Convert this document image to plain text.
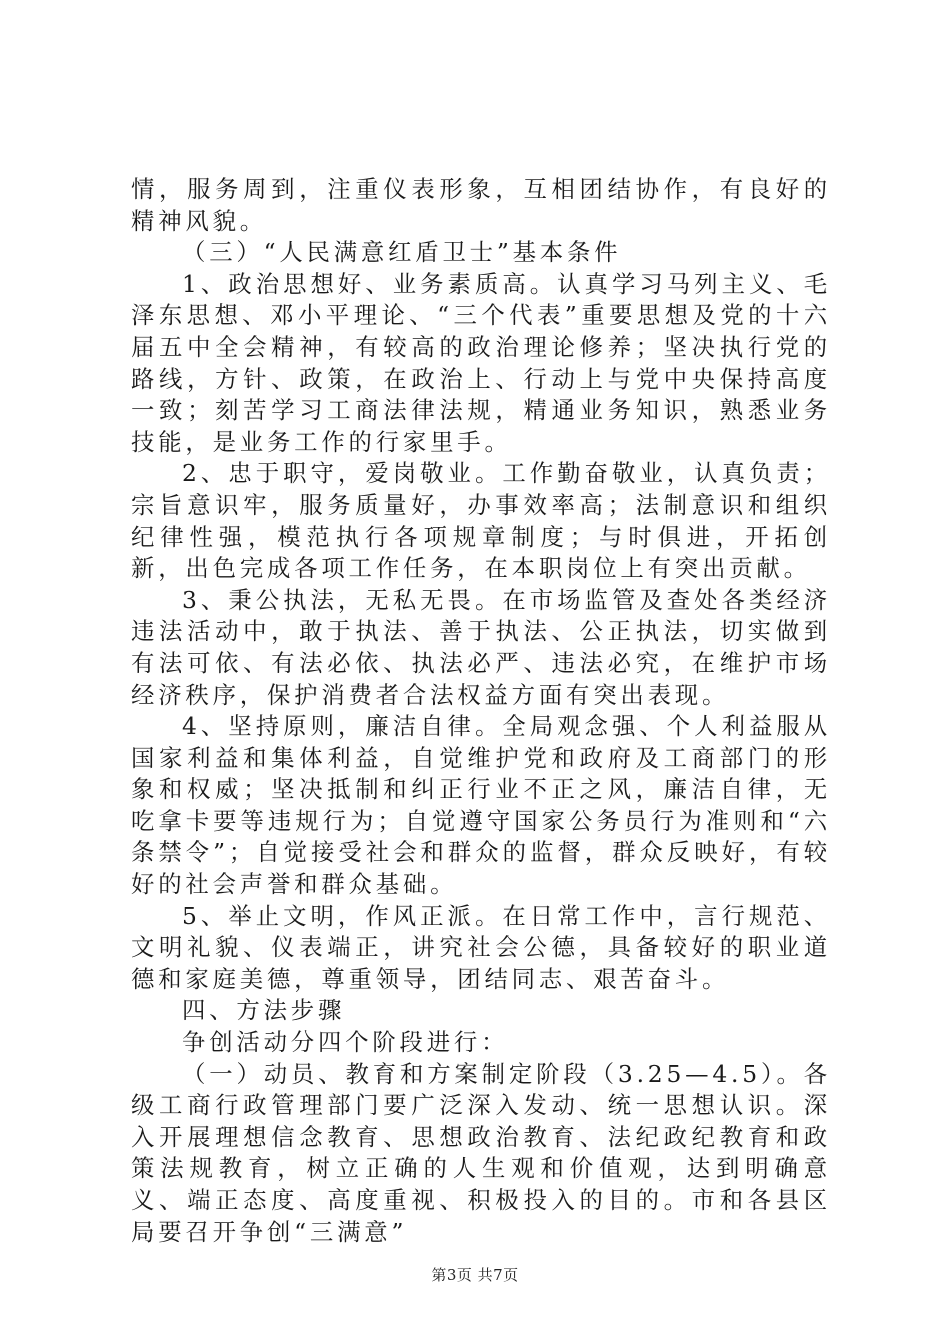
情，服务周到，注重仪表形象，互相团结协作，有良好的精神风貌。

（三）“人民满意红盾卫士”基本条件

1、政治思想好、业务素质高。认真学习马列主义、毛泽东思想、邓小平理论、“三个代表”重要思想及党的十六届五中全会精神，有较高的政治理论修养；坚决执行党的路线，方针、政策，在政治上、行动上与党中央保持高度一致；刻苦学习工商法律法规，精通业务知识，熟悉业务技能，是业务工作的行家里手。

2、忠于职守，爱岗敬业。工作勤奋敬业，认真负责；宗旨意识牢，服务质量好，办事效率高；法制意识和组织纪律性强，模范执行各项规章制度；与时俱进，开拓创新，出色完成各项工作任务，在本职岗位上有突出贡献。

3、秉公执法，无私无畏。在市场监管及查处各类经济违法活动中，敢于执法、善于执法、公正执法，切实做到有法可依、有法必依、执法必严、违法必究，在维护市场经济秩序，保护消费者合法权益方面有突出表现。

4、坚持原则，廉洁自律。全局观念强、个人利益服从国家利益和集体利益，自觉维护党和政府及工商部门的形象和权威；坚决抵制和纠正行业不正之风，廉洁自律，无吃拿卡要等违规行为；自觉遵守国家公务员行为准则和“六条禁令”；自觉接受社会和群众的监督，群众反映好，有较好的社会声誉和群众基础。

5、举止文明，作风正派。在日常工作中，言行规范、文明礼貌、仪表端正，讲究社会公德，具备较好的职业道德和家庭美德，尊重领导，团结同志、艰苦奋斗。

四、方法步骤

争创活动分四个阶段进行：

（一）动员、教育和方案制定阶段（3.25—4.5）。各级工商行政管理部门要广泛深入发动、统一思想认识。深入开展理想信念教育、思想政治教育、法纪政纪教育和政策法规教育，树立正确的人生观和价值观，达到明确意义、端正态度、高度重视、积极投入的目的。市和各县区局要召开争创“三满意”

第3页 共7页
